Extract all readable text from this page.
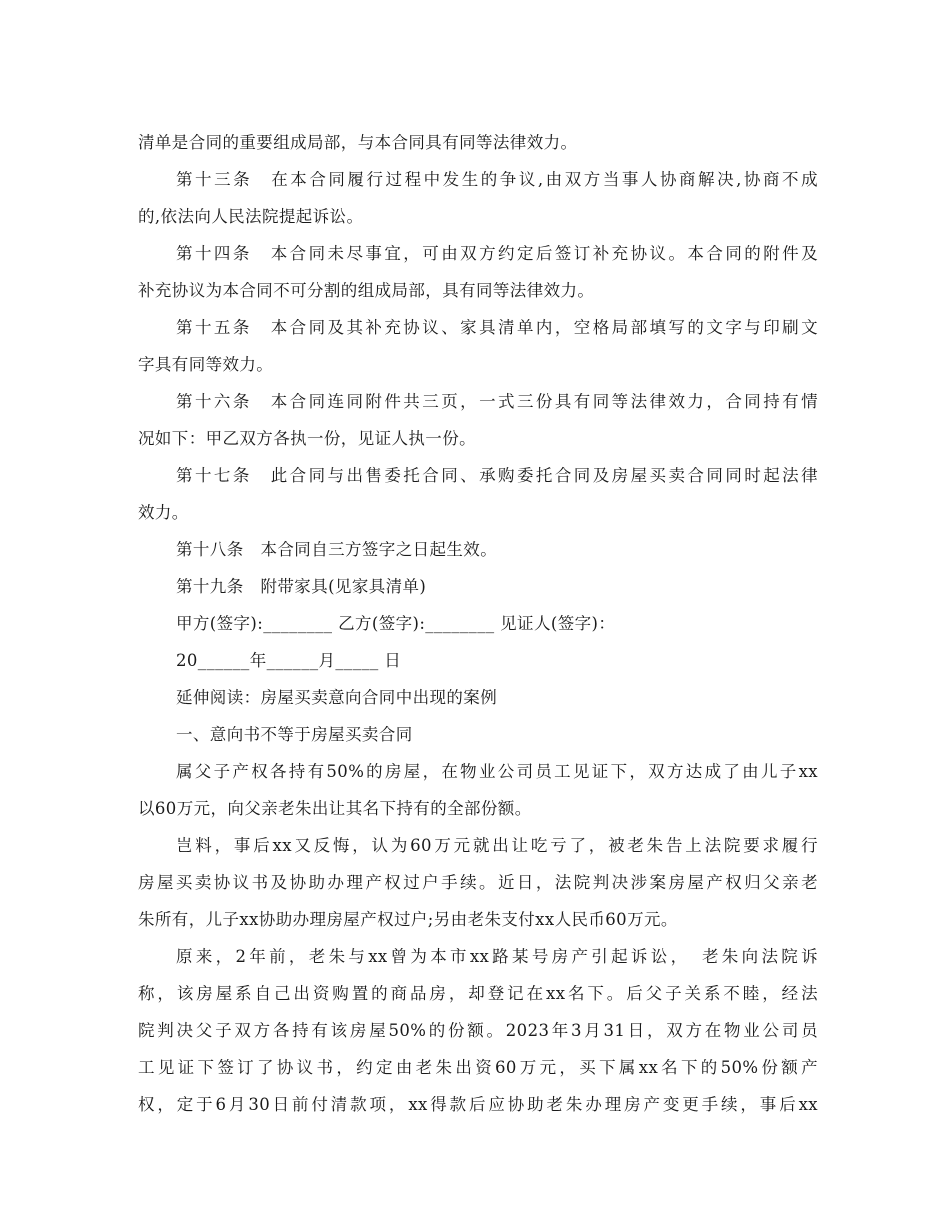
清单是合同的重要组成局部，与本合同具有同等法律效力。
第十三条　在本合同履行过程中发生的争议,由双方当事人协商解决,协商不成
的,依法向人民法院提起诉讼。
第十四条　本合同未尽事宜，可由双方约定后签订补充协议。本合同的附件及
补充协议为本合同不可分割的组成局部，具有同等法律效力。
第十五条　本合同及其补充协议、家具清单内，空格局部填写的文字与印刷文
字具有同等效力。
第十六条　本合同连同附件共三页，一式三份具有同等法律效力，合同持有情
况如下：甲乙双方各执一份，见证人执一份。
第十七条　此合同与出售委托合同、承购委托合同及房屋买卖合同同时起法律
效力。
第十八条　本合同自三方签字之日起生效。
第十九条　附带家具(见家具清单)
甲方(签字):________ 乙方(签字):________ 见证人(签字)：
20______年______月_____ 日
延伸阅读：房屋买卖意向合同中出现的案例
一、意向书不等于房屋买卖合同
属父子产权各持有50%的房屋，在物业公司员工见证下，双方达成了由儿子xx
以60万元，向父亲老朱出让其名下持有的全部份额。
岂料，事后xx又反悔，认为60万元就出让吃亏了，被老朱告上法院要求履行
房屋买卖协议书及协助办理产权过户手续。近日，法院判决涉案房屋产权归父亲老
朱所有，儿子xx协助办理房屋产权过户;另由老朱支付xx人民币60万元。
原来，2年前，老朱与xx曾为本市xx路某号房产引起诉讼，　老朱向法院诉
称，该房屋系自己出资购置的商品房，却登记在xx名下。后父子关系不睦，经法
院判决父子双方各持有该房屋50%的份额。2023年3月31日，双方在物业公司员
工见证下签订了协议书，约定由老朱出资60万元，买下属xx名下的50%份额产
权，定于6月30日前付清款项，xx得款后应协助老朱办理房产变更手续，事后xx
